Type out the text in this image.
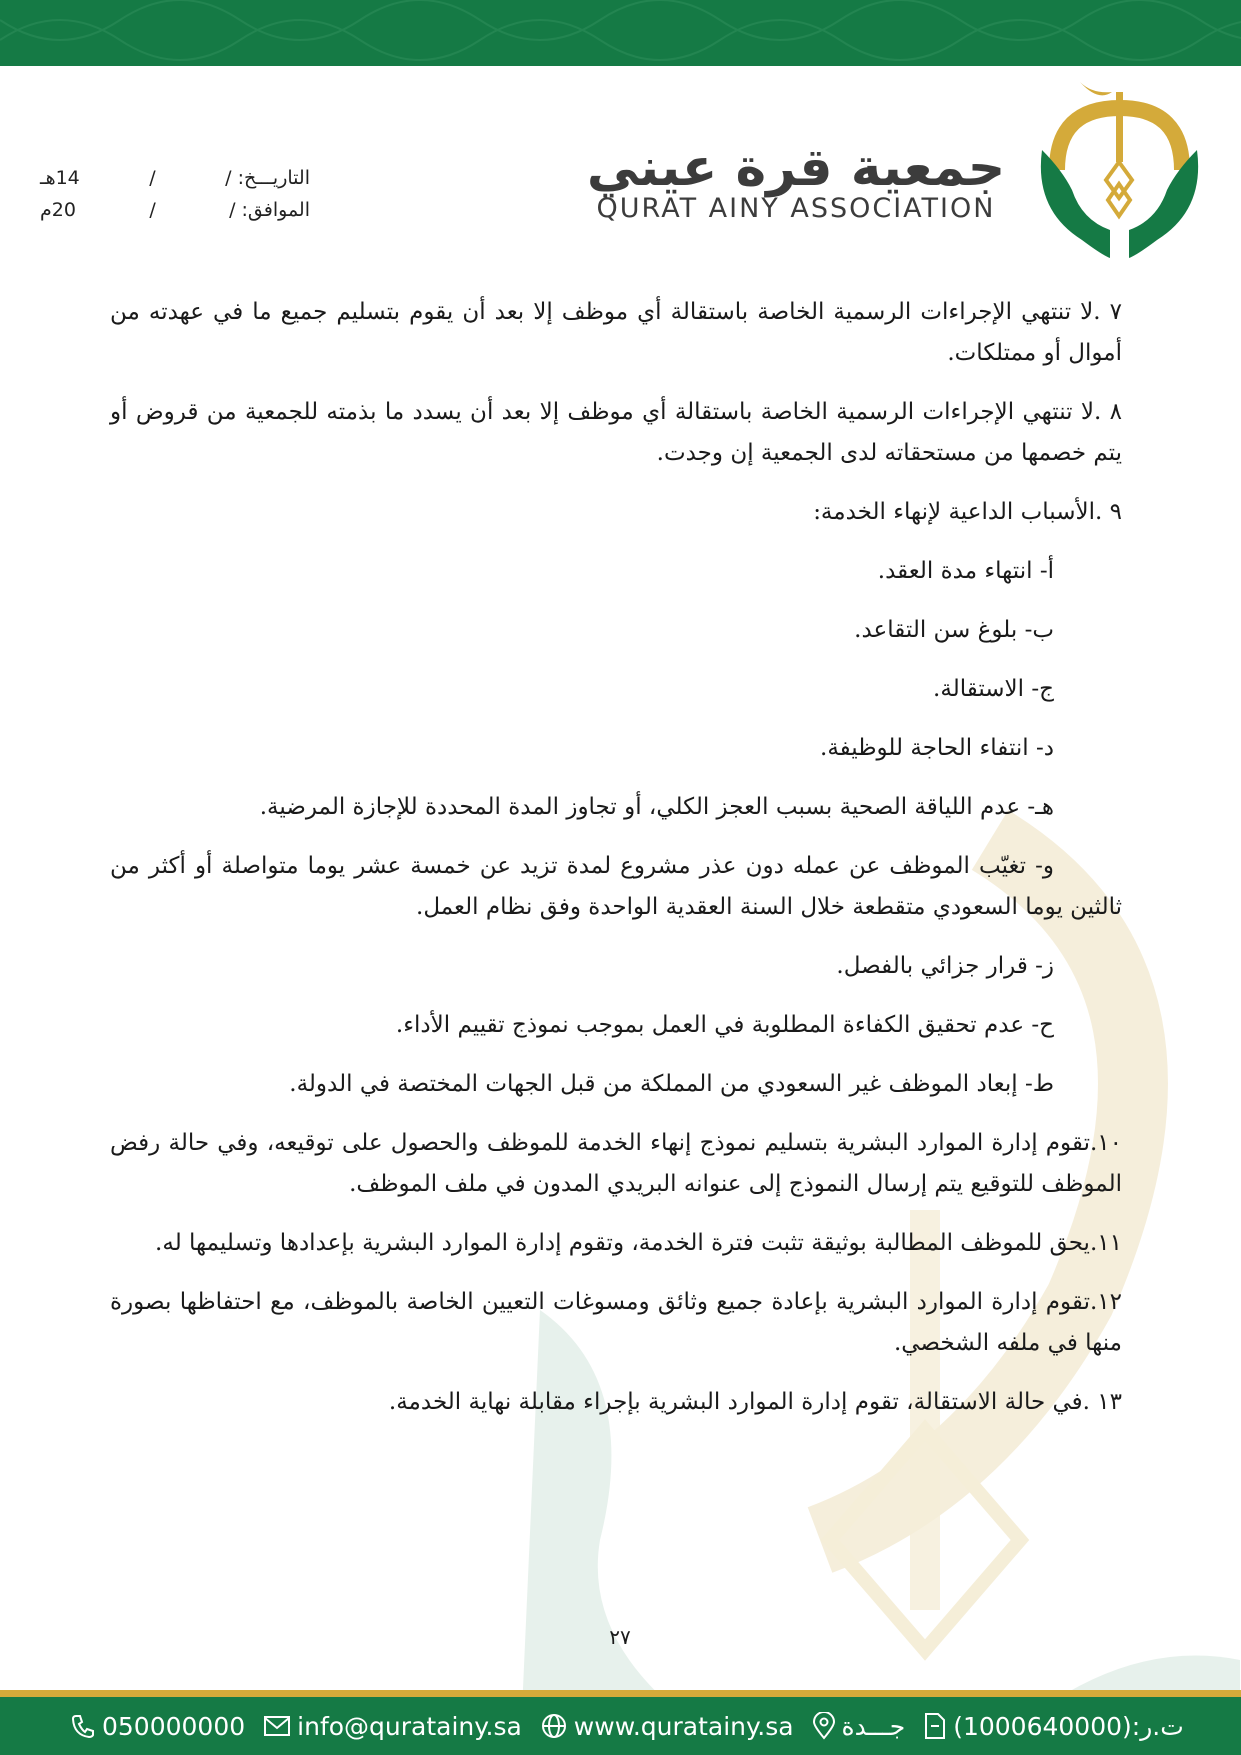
جمعية قرة عيني
QURAT AINY ASSOCIATION
التاريـــخ: /
/
14هـ
الموافق: /
/
20م

٧ .لا تنتهي الإجراءات الرسمية الخاصة باستقالة أي موظف إلا بعد أن يقوم بتسليم جميع ما في عهدته من أموال أو ممتلكات.

٨ .لا تنتهي الإجراءات الرسمية الخاصة باستقالة أي موظف إلا بعد أن يسدد ما بذمته للجمعية من قروض أو يتم خصمها من مستحقاته لدى الجمعية إن وجدت.

٩ .الأسباب الداعية لإنهاء الخدمة:

أ- انتهاء مدة العقد.

ب- بلوغ سن التقاعد.

ج- الاستقالة.

د- انتفاء الحاجة للوظيفة.

هـ- عدم اللياقة الصحية بسبب العجز الكلي، أو تجاوز المدة المحددة للإجازة المرضية.

و- تغيّب الموظف عن عمله دون عذر مشروع لمدة تزيد عن خمسة عشر يوما متواصلة أو أكثر من ثالثين يوما السعودي متقطعة خلال السنة العقدية الواحدة وفق نظام العمل.

ز- قرار جزائي بالفصل.

ح- عدم تحقيق الكفاءة المطلوبة في العمل بموجب نموذج تقييم الأداء.

ط- إبعاد الموظف غير السعودي من المملكة من قبل الجهات المختصة في الدولة.

١٠.تقوم إدارة الموارد البشرية بتسليم نموذج إنهاء الخدمة للموظف والحصول على توقيعه، وفي حالة رفض الموظف للتوقيع يتم إرسال النموذج إلى عنوانه البريدي المدون في ملف الموظف.

١١.يحق للموظف المطالبة بوثيقة تثبت فترة الخدمة، وتقوم إدارة الموارد البشرية بإعدادها وتسليمها له.

١٢.تقوم إدارة الموارد البشرية بإعادة جميع وثائق ومسوغات التعيين الخاصة بالموظف، مع احتفاظها بصورة منها في ملفه الشخصي.

١٣ .في حالة الاستقالة، تقوم إدارة الموارد البشرية بإجراء مقابلة نهاية الخدمة.

٢٧
050000000 info@quratainy.sa www.quratainy.sa جـــدة (1000640000):ت.ر
